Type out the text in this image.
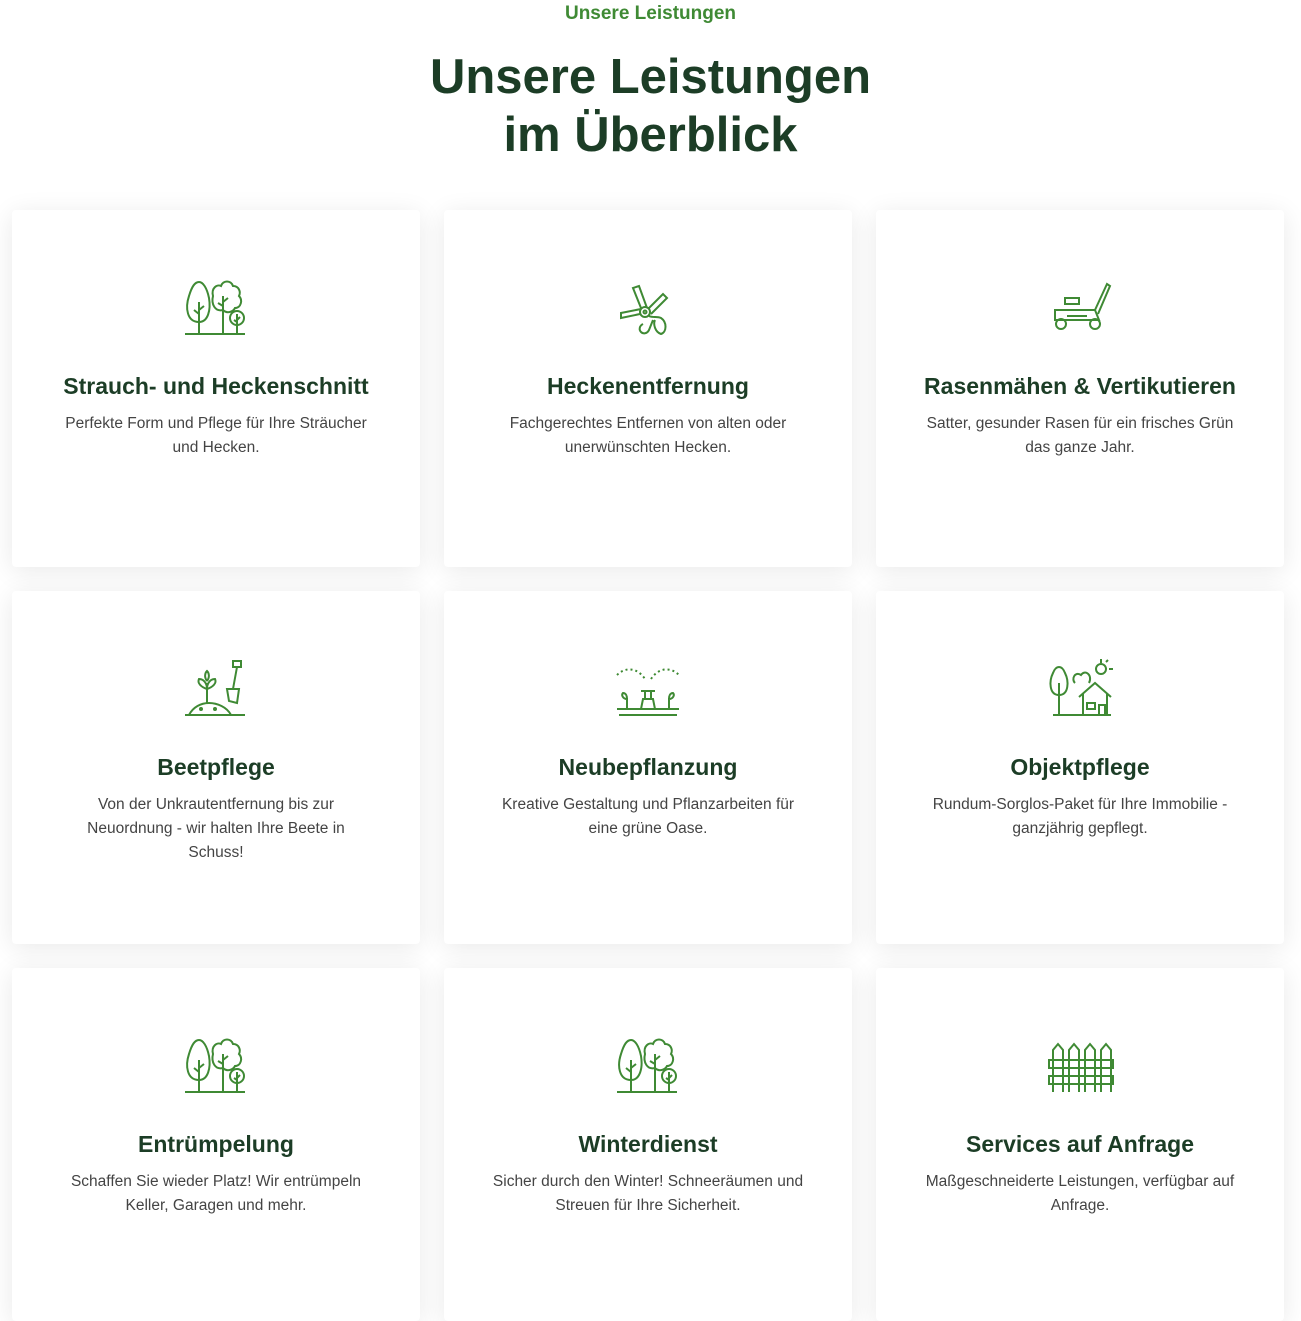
Unsere Leistungen
Unsere Leistungen
im Überblick
Strauch- und Heckenschnitt

Perfekte Form und Pflege für Ihre Sträucher und Hecken.

Heckenentfernung

Fachgerechtes Entfernen von alten oder unerwünschten Hecken.

Rasenmähen & Vertikutieren

Satter, gesunder Rasen für ein frisches Grün das ganze Jahr.

Beetpflege

Von der Unkrautentfernung bis zur Neuordnung - wir halten Ihre Beete in Schuss!

Neubepflanzung

Kreative Gestaltung und Pflanzarbeiten für eine grüne Oase.

Objektpflege

Rundum-Sorglos-Paket für Ihre Immobilie - ganzjährig gepflegt.

Entrümpelung

Schaffen Sie wieder Platz! Wir entrümpeln Keller, Garagen und mehr.

Winterdienst

Sicher durch den Winter! Schneeräumen und Streuen für Ihre Sicherheit.

Services auf Anfrage

Maßgeschneiderte Leistungen, verfügbar auf Anfrage.
